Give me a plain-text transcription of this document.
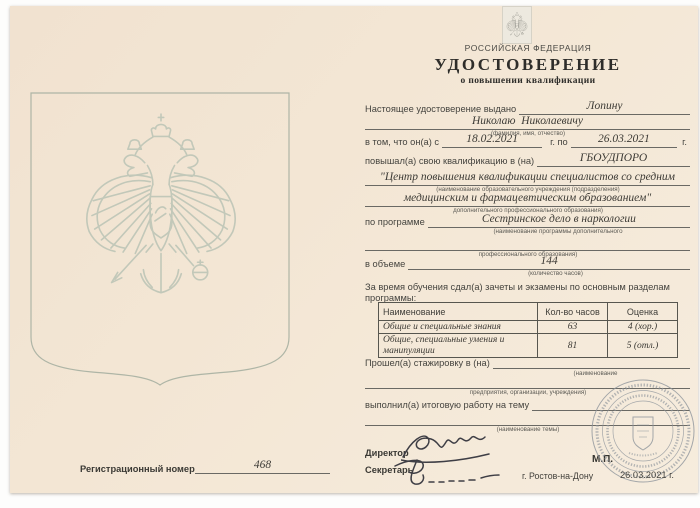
Регистрационный номер	468
РОССИЙСКАЯ ФЕДЕРАЦИЯ
УДОСТОВЕРЕНИЕ
о повышении квалификации
Настоящее удостоверение выдано	Лопину
Николаю  Николаевичу
(фамилия, имя, отчество)
в том, что он(а) с	18.02.2021	г. по	26.03.2021	г.
повышал(а) свою квалификацию в (на)	ГБОУДПОРО
"Центр повышения квалификации специалистов со средним
(наименование образовательного учреждения (подразделения)
медицинским и фармацевтическим образованием"
дополнительного профессионального образования)
по программе	Сестринское дело в наркологии
(наименование программы дополнительного
профессионального образования)
в объеме	144
(количество часов)
За время обучения сдал(а) зачеты и экзамены по основным разделам программы:
Наименование	Кол-во часов	Оценка
Общие и специальные знания	63	4 (хор.)
Общие, специальные умения и манипуляции	81	5 (отл.)
Прошел(а) стажировку в (на)
(наименование
предприятия, организации, учреждения)
выполнил(а) итоговую работу на тему
(наименование темы)
Директор
М.П.
Секретарь
г. Ростов-на-Дону	26.03.2021 г.
